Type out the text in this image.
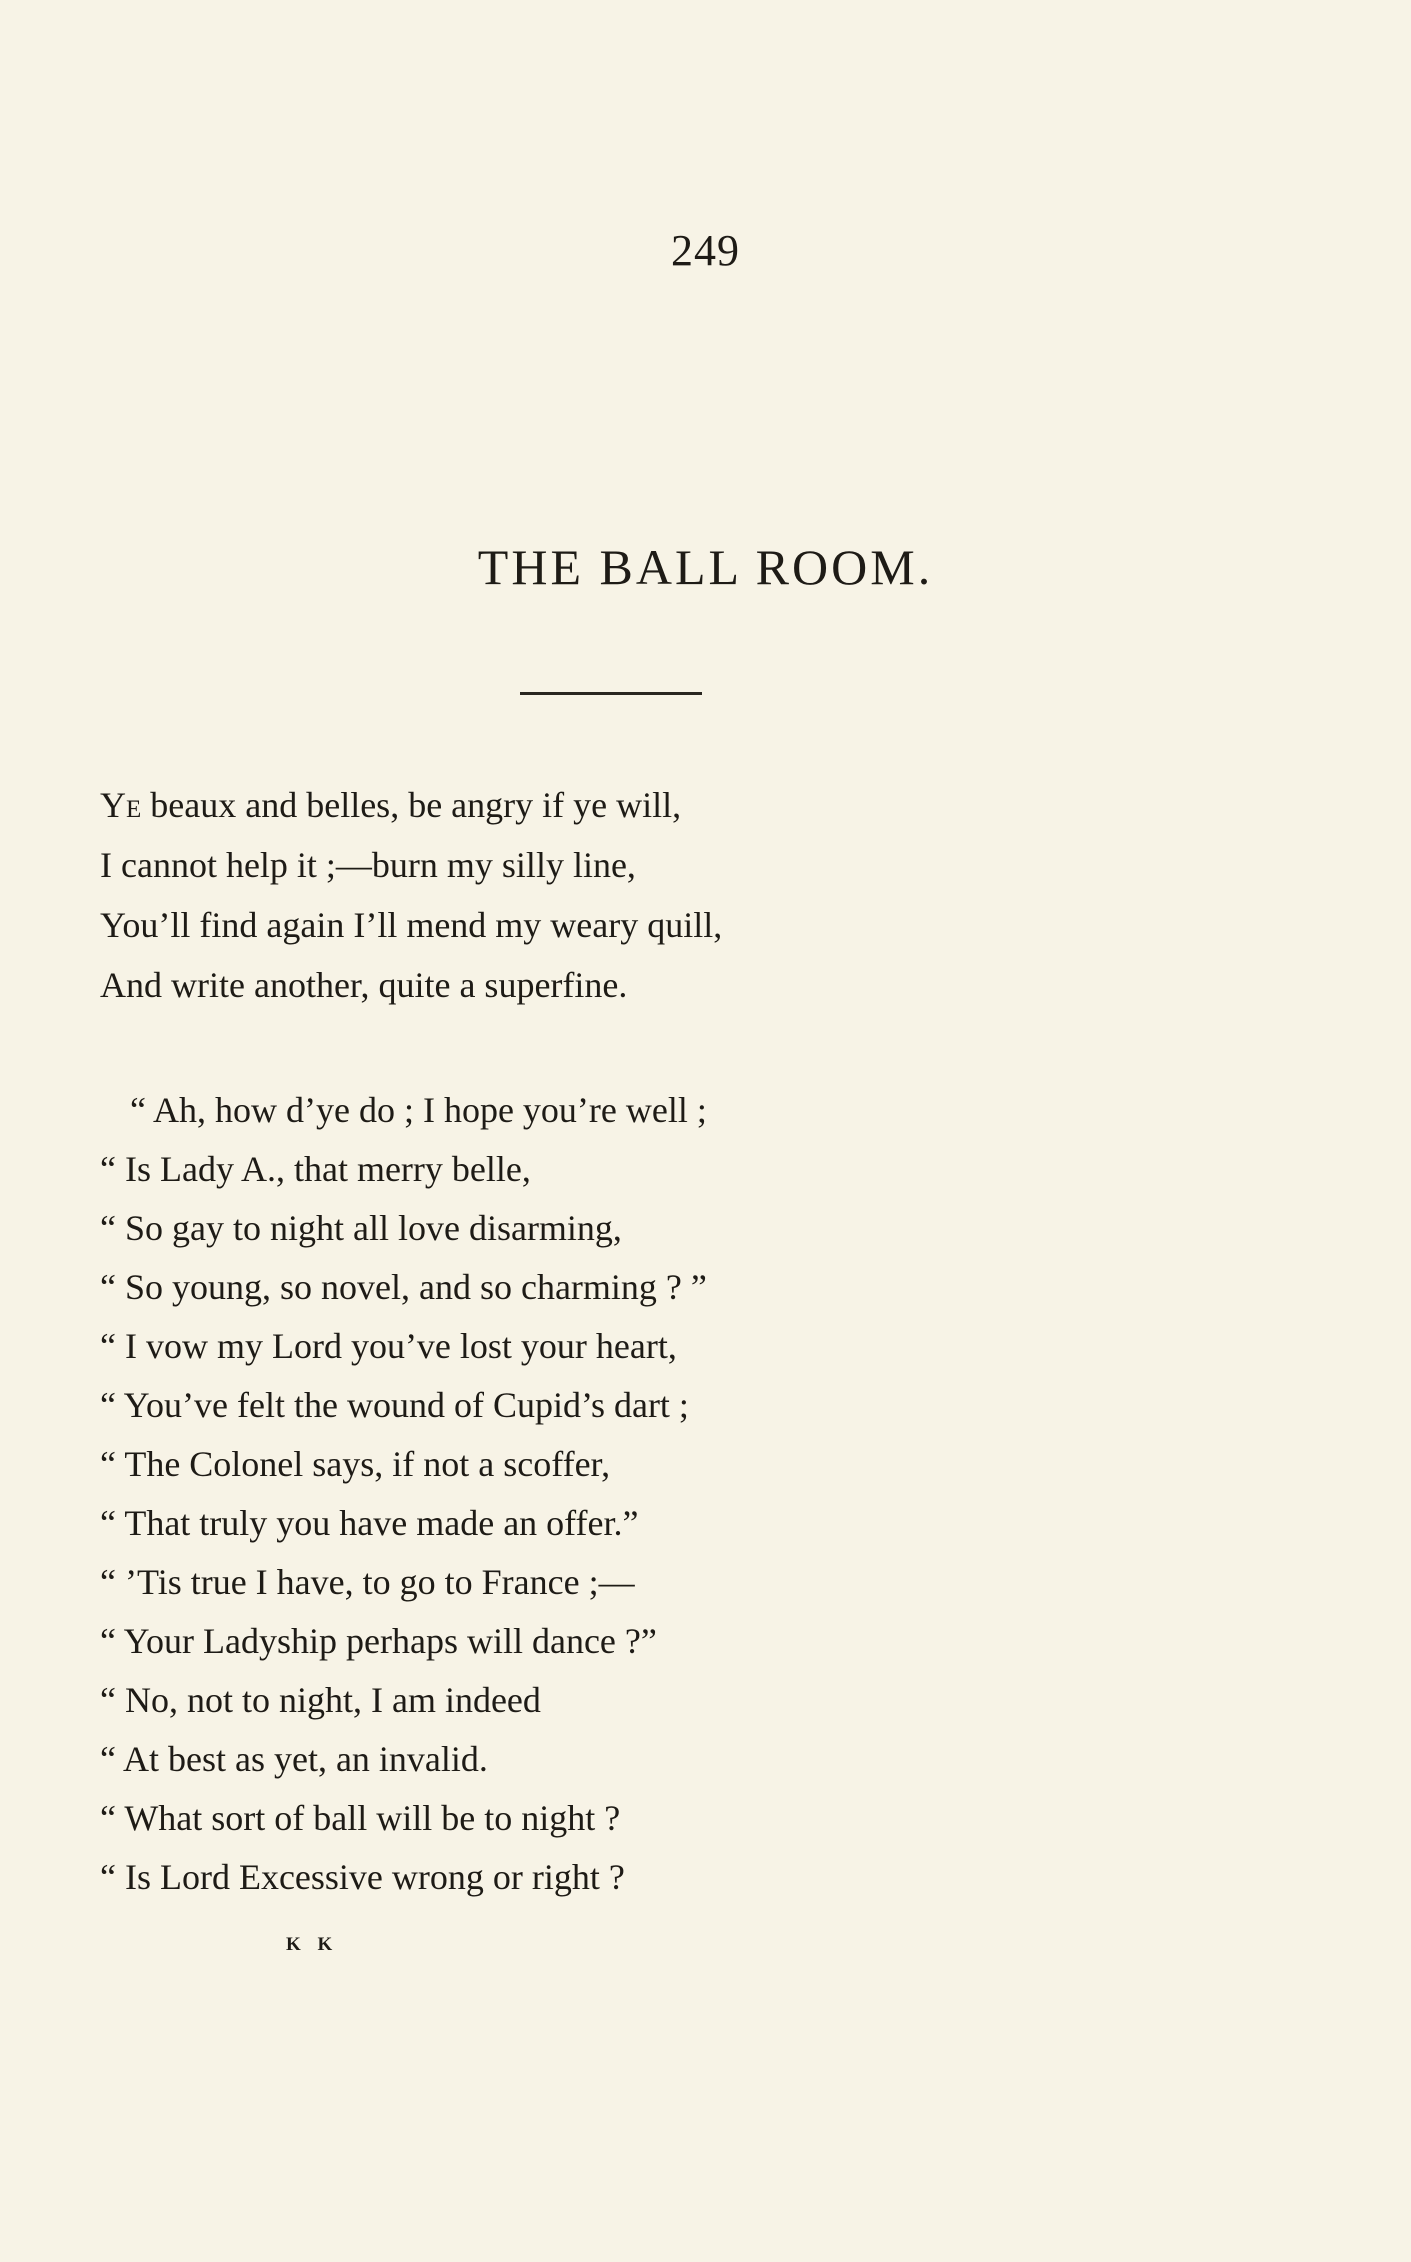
249
THE BALL ROOM.
Ye beaux and belles, be angry if ye will,
I cannot help it ;—burn my silly line,
You’ll find again I’ll mend my weary quill,
And write another, quite a superfine.
“ Ah, how d’ye do ; I hope you’re well ;
“ Is Lady A., that merry belle,
“ So gay to night all love disarming,
“ So young, so novel, and so charming ? ”
“ I vow my Lord you’ve lost your heart,
“ You’ve felt the wound of Cupid’s dart ;
“ The Colonel says, if not a scoffer,
“ That truly you have made an offer.”
“ ’Tis true I have, to go to France ;—
“ Your Ladyship perhaps will dance ?”
“ No, not to night, I am indeed
“ At best as yet, an invalid.
“ What sort of ball will be to night ?
“ Is Lord Excessive wrong or right ?
K K
